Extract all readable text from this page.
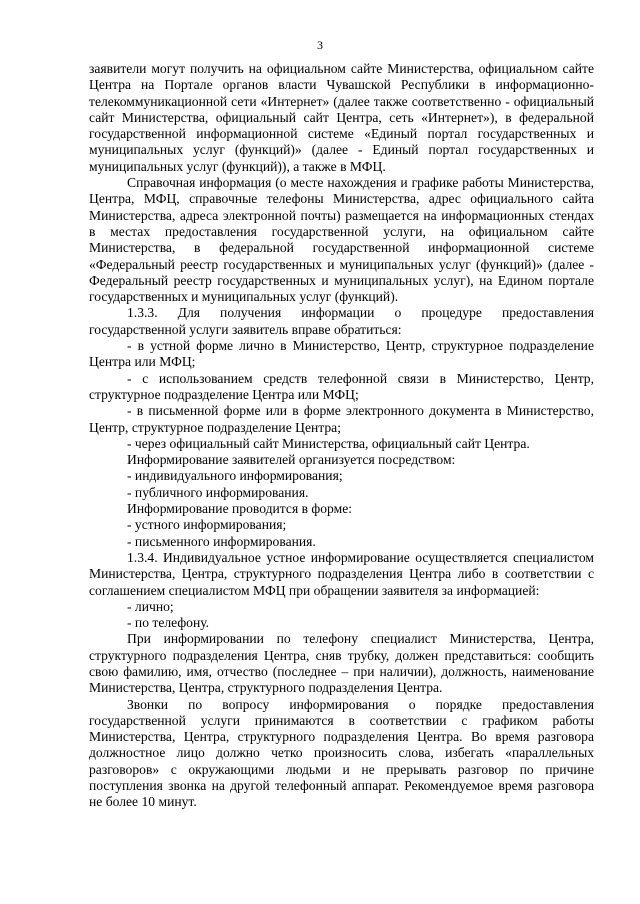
3

заявители могут получить на официальном сайте Министерства, официальном сайте Центра на Портале органов власти Чувашской Республики в информационно-телекоммуникационной сети «Интернет» (далее также соответственно - официальный сайт Министерства, официальный сайт Центра, сеть «Интернет»), в федеральной государственной информационной системе «Единый портал государственных и муниципальных услуг (функций)» (далее - Единый портал государственных и муниципальных услуг (функций)), а также в МФЦ.

Справочная информация (о месте нахождения и графике работы Министерства, Центра, МФЦ, справочные телефоны Министерства, адрес официального сайта Министерства, адреса электронной почты) размещается на информационных стендах в местах предоставления государственной услуги, на официальном сайте Министерства, в федеральной государственной информационной системе «Федеральный реестр государственных и муниципальных услуг (функций)» (далее - Федеральный реестр государственных и муниципальных услуг), на Едином портале государственных и муниципальных услуг (функций).

1.3.3. Для получения информации о процедуре предоставления государственной услуги заявитель вправе обратиться:

- в устной форме лично в Министерство, Центр, структурное подразделение Центра или МФЦ;

- с использованием средств телефонной связи в Министерство, Центр, структурное подразделение Центра или МФЦ;

- в письменной форме или в форме электронного документа в Министерство, Центр, структурное подразделение Центра;

- через официальный сайт Министерства, официальный сайт Центра.

Информирование заявителей организуется посредством:

- индивидуального информирования;

- публичного информирования.

Информирование проводится в форме:

- устного информирования;

- письменного информирования.

1.3.4. Индивидуальное устное информирование осуществляется специалистом Министерства, Центра, структурного подразделения Центра либо в соответствии с соглашением специалистом МФЦ при обращении заявителя за информацией:

- лично;

- по телефону.

При информировании по телефону специалист Министерства, Центра, структурного подразделения Центра, сняв трубку, должен представиться: сообщить свою фамилию, имя, отчество (последнее – при наличии), должность, наименование Министерства, Центра, структурного подразделения Центра.

Звонки по вопросу информирования о порядке предоставления государственной услуги принимаются в соответствии с графиком работы Министерства, Центра, структурного подразделения Центра. Во время разговора должностное лицо должно четко произносить слова, избегать «параллельных разговоров» с окружающими людьми и не прерывать разговор по причине поступления звонка на другой телефонный аппарат. Рекомендуемое время разговора не более 10 минут.
